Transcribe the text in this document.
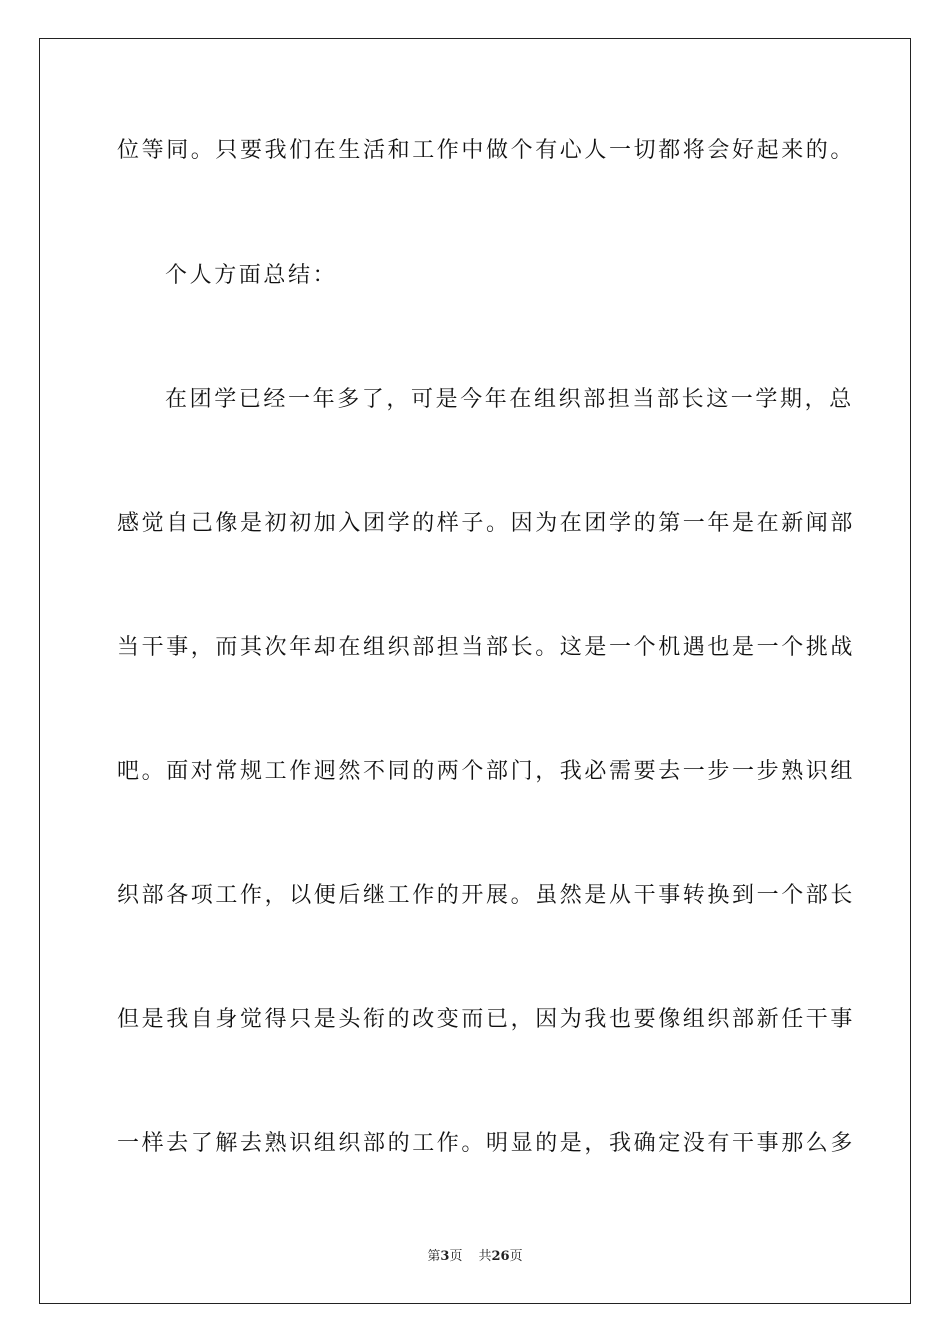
位等同。只要我们在生活和工作中做个有心人一切都将会好起来的。
个人方面总结：
在团学已经一年多了，可是今年在组织部担当部长这一学期，总
感觉自己像是初初加入团学的样子。因为在团学的第一年是在新闻部
当干事，而其次年却在组织部担当部长。这是一个机遇也是一个挑战
吧。面对常规工作迥然不同的两个部门，我必需要去一步一步熟识组
织部各项工作，以便后继工作的开展。虽然是从干事转换到一个部长
但是我自身觉得只是头衔的改变而已，因为我也要像组织部新任干事
一样去了解去熟识组织部的工作。明显的是，我确定没有干事那么多
第3页 共26页
